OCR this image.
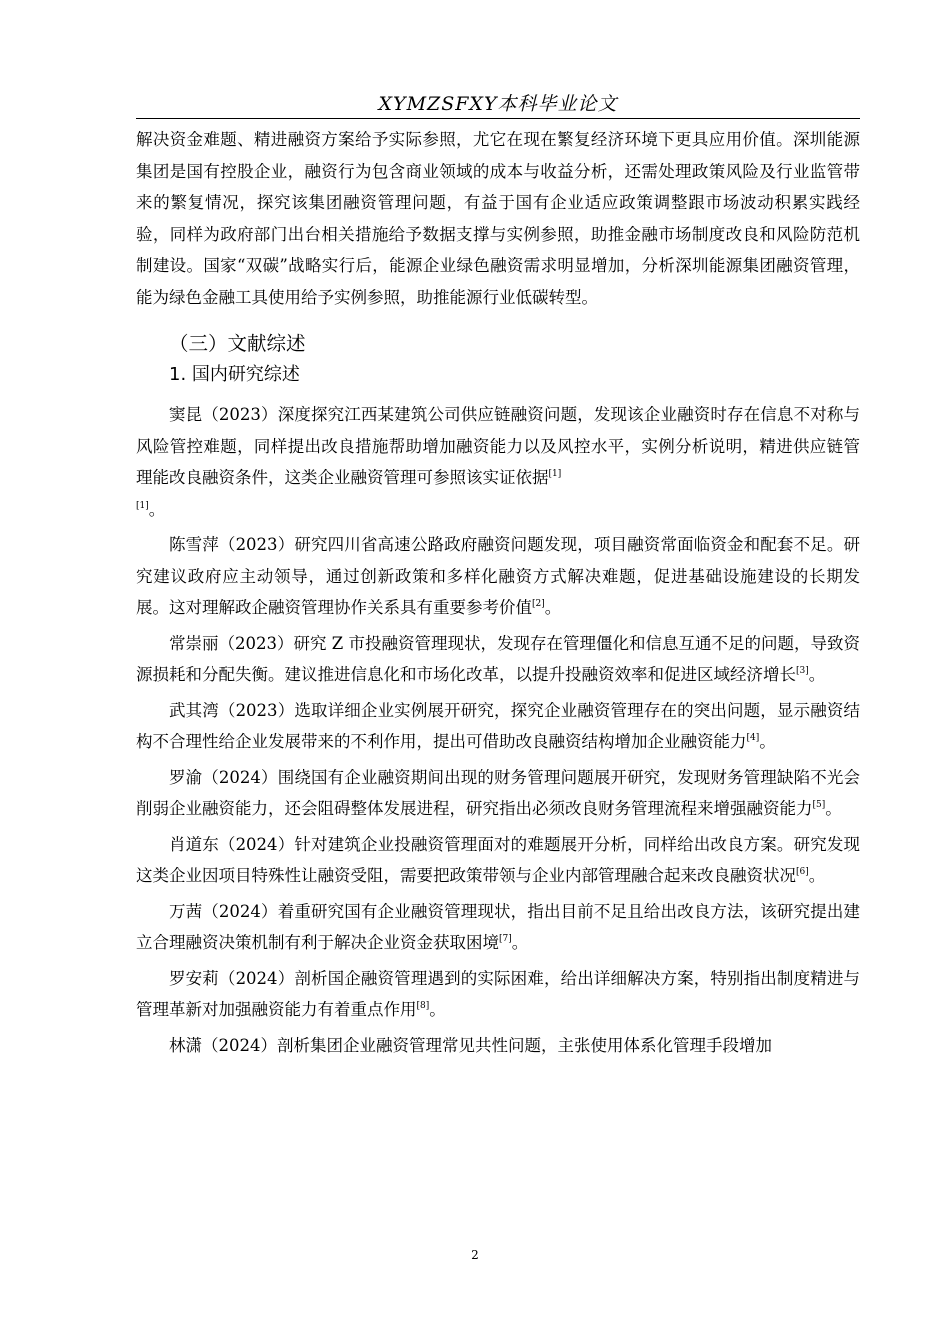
XYMZSFXY本科毕业论文

解决资金难题、精进融资方案给予实际参照，尤它在现在繁复经济环境下更具应用价值。深圳能源集团是国有控股企业，融资行为包含商业领域的成本与收益分析，还需处理政策风险及行业监管带来的繁复情况，探究该集团融资管理问题，有益于国有企业适应政策调整跟市场波动积累实践经验，同样为政府部门出台相关措施给予数据支撑与实例参照，助推金融市场制度改良和风险防范机制建设。国家“双碳”战略实行后，能源企业绿色融资需求明显增加，分析深圳能源集团融资管理，能为绿色金融工具使用给予实例参照，助推能源行业低碳转型。

（三）文献综述
1. 国内研究综述

窦昆（2023）深度探究江西某建筑公司供应链融资问题，发现该企业融资时存在信息不对称与风险管控难题，同样提出改良措施帮助增加融资能力以及风控水平，实例分析说明，精进供应链管理能改良融资条件，这类企业融资管理可参照该实证依据[1]
[1]。

陈雪萍（2023）研究四川省高速公路政府融资问题发现，项目融资常面临资金和配套不足。研究建议政府应主动领导，通过创新政策和多样化融资方式解决难题，促进基础设施建设的长期发展。这对理解政企融资管理协作关系具有重要参考价值[2]。

常崇丽（2023）研究 Z 市投融资管理现状，发现存在管理僵化和信息互通不足的问题，导致资源损耗和分配失衡。建议推进信息化和市场化改革，以提升投融资效率和促进区域经济增长[3]。

武其湾（2023）选取详细企业实例展开研究，探究企业融资管理存在的突出问题，显示融资结构不合理性给企业发展带来的不利作用，提出可借助改良融资结构增加企业融资能力[4]。

罗渝（2024）围绕国有企业融资期间出现的财务管理问题展开研究，发现财务管理缺陷不光会削弱企业融资能力，还会阻碍整体发展进程，研究指出必须改良财务管理流程来增强融资能力[5]。

肖道东（2024）针对建筑企业投融资管理面对的难题展开分析，同样给出改良方案。研究发现这类企业因项目特殊性让融资受阻，需要把政策带领与企业内部管理融合起来改良融资状况[6]。

万茜（2024）着重研究国有企业融资管理现状，指出目前不足且给出改良方法，该研究提出建立合理融资决策机制有利于解决企业资金获取困境[7]。

罗安莉（2024）剖析国企融资管理遇到的实际困难，给出详细解决方案，特别指出制度精进与管理革新对加强融资能力有着重点作用[8]。

林潇（2024）剖析集团企业融资管理常见共性问题，主张使用体系化管理手段增加

2
